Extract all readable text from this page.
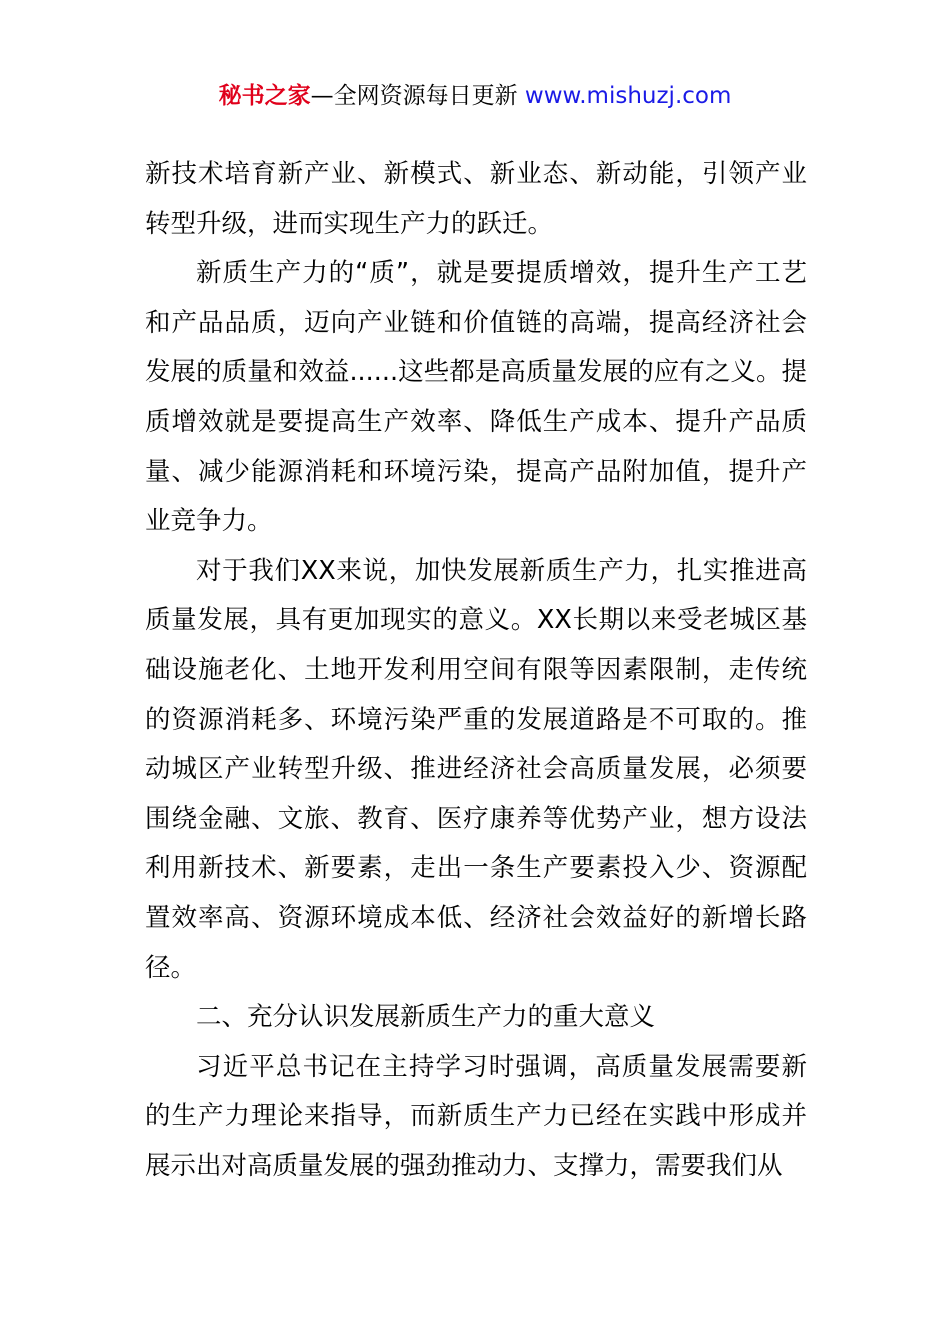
秘书之家—全网资源每日更新 www.mishuzj.com

新技术培育新产业、新模式、新业态、新动能，引领产业转型升级，进而实现生产力的跃迁。

新质生产力的“质”，就是要提质增效，提升生产工艺和产品品质，迈向产业链和价值链的高端，提高经济社会发展的质量和效益......这些都是高质量发展的应有之义。提质增效就是要提高生产效率、降低生产成本、提升产品质量、减少能源消耗和环境污染，提高产品附加值，提升产业竞争力。

对于我们XX来说，加快发展新质生产力，扎实推进高质量发展，具有更加现实的意义。XX长期以来受老城区基础设施老化、土地开发利用空间有限等因素限制，走传统的资源消耗多、环境污染严重的发展道路是不可取的。推动城区产业转型升级、推进经济社会高质量发展，必须要围绕金融、文旅、教育、医疗康养等优势产业，想方设法利用新技术、新要素，走出一条生产要素投入少、资源配置效率高、资源环境成本低、经济社会效益好的新增长路径。

二、充分认识发展新质生产力的重大意义

习近平总书记在主持学习时强调，高质量发展需要新的生产力理论来指导，而新质生产力已经在实践中形成并展示出对高质量发展的强劲推动力、支撑力，需要我们从
